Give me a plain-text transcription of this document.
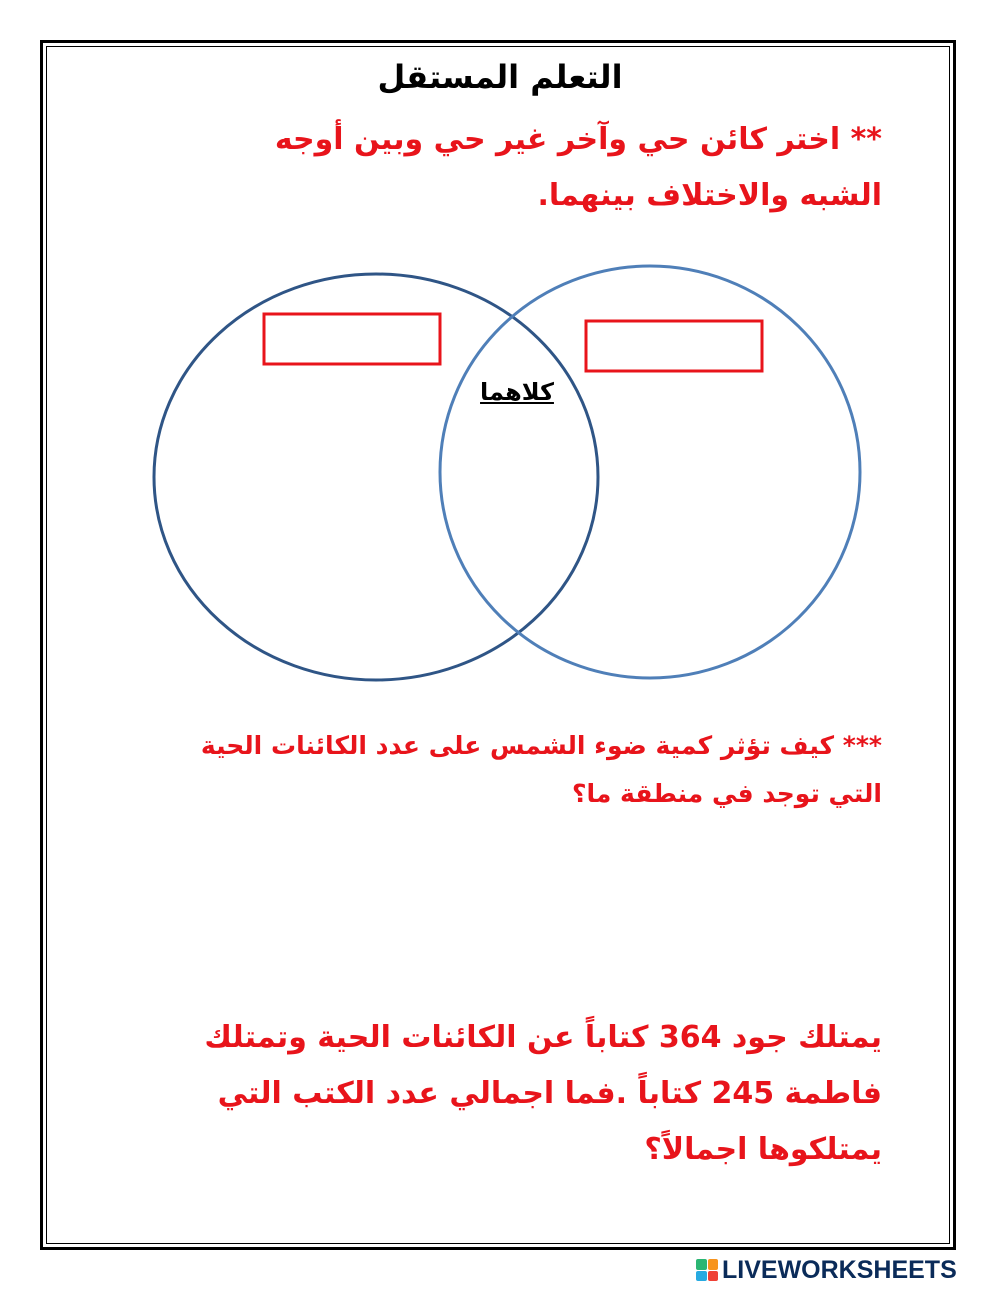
التعلم المستقل
** اختر كائن حي وآخر غير حي وبين أوجه الشبه والاختلاف بينهما.
كلاهما
*** كيف تؤثر كمية ضوء الشمس على عدد الكائنات الحية التي توجد في منطقة ما؟
يمتلك جود 364 كتاباً عن الكائنات الحية وتمتلك فاطمة 245 كتاباً .فما اجمالي عدد الكتب التي يمتلكوها اجمالاً؟
LIVEWORKSHEETS
